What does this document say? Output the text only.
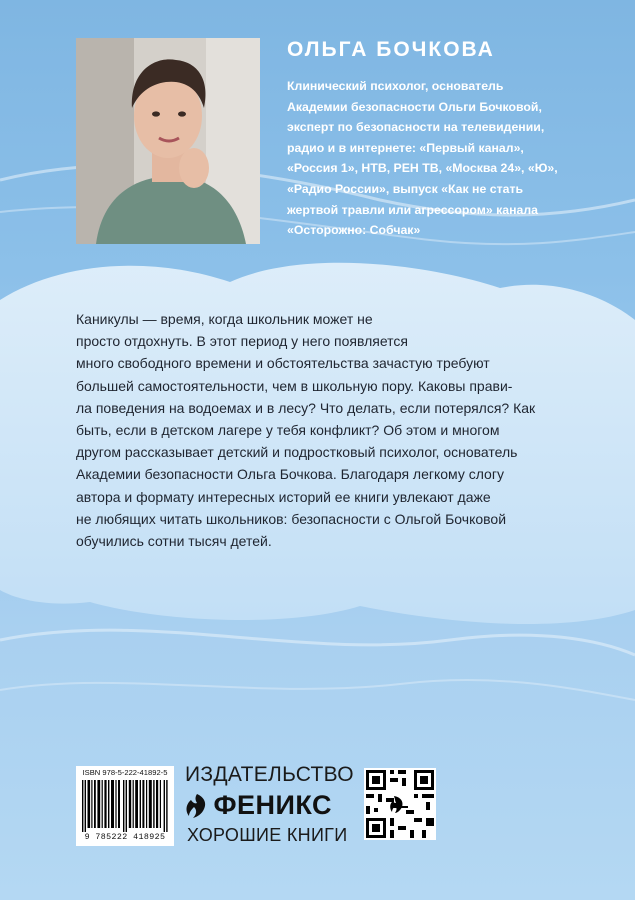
ОЛЬГА БОЧКОВА
Клинический психолог, основатель
Академии безопасности Ольги Бочковой,
эксперт по безопасности на телевидении,
радио и в интернете: «Первый канал»,
«Россия 1», НТВ, РЕН ТВ, «Москва 24», «Ю»,
«Радио России», выпуск «Как не стать
жертвой травли или агрессором» канала
«Осторожно: Собчак»
Каникулы — время, когда школьник может не
просто отдохнуть. В этот период у него появляется
много свободного времени и обстоятельства зачастую требуют
большей самостоятельности, чем в школьную пору. Каковы прави-
ла поведения на водоемах и в лесу? Что делать, если потерялся? Как
быть, если в детском лагере у тебя конфликт? Об этом и многом
другом рассказывает детский и подростковый психолог, основатель
Академии безопасности Ольга Бочкова. Благодаря легкому слогу
автора и формату интересных историй ее книги увлекают даже
не любящих читать школьников: безопасности с Ольгой Бочковой
обучились сотни тысяч детей.
ISBN 978-5-222-41892-5
9 785222 418925
ИЗДАТЕЛЬСТВО
ФЕНИКС
ХОРОШИЕ КНИГИ
